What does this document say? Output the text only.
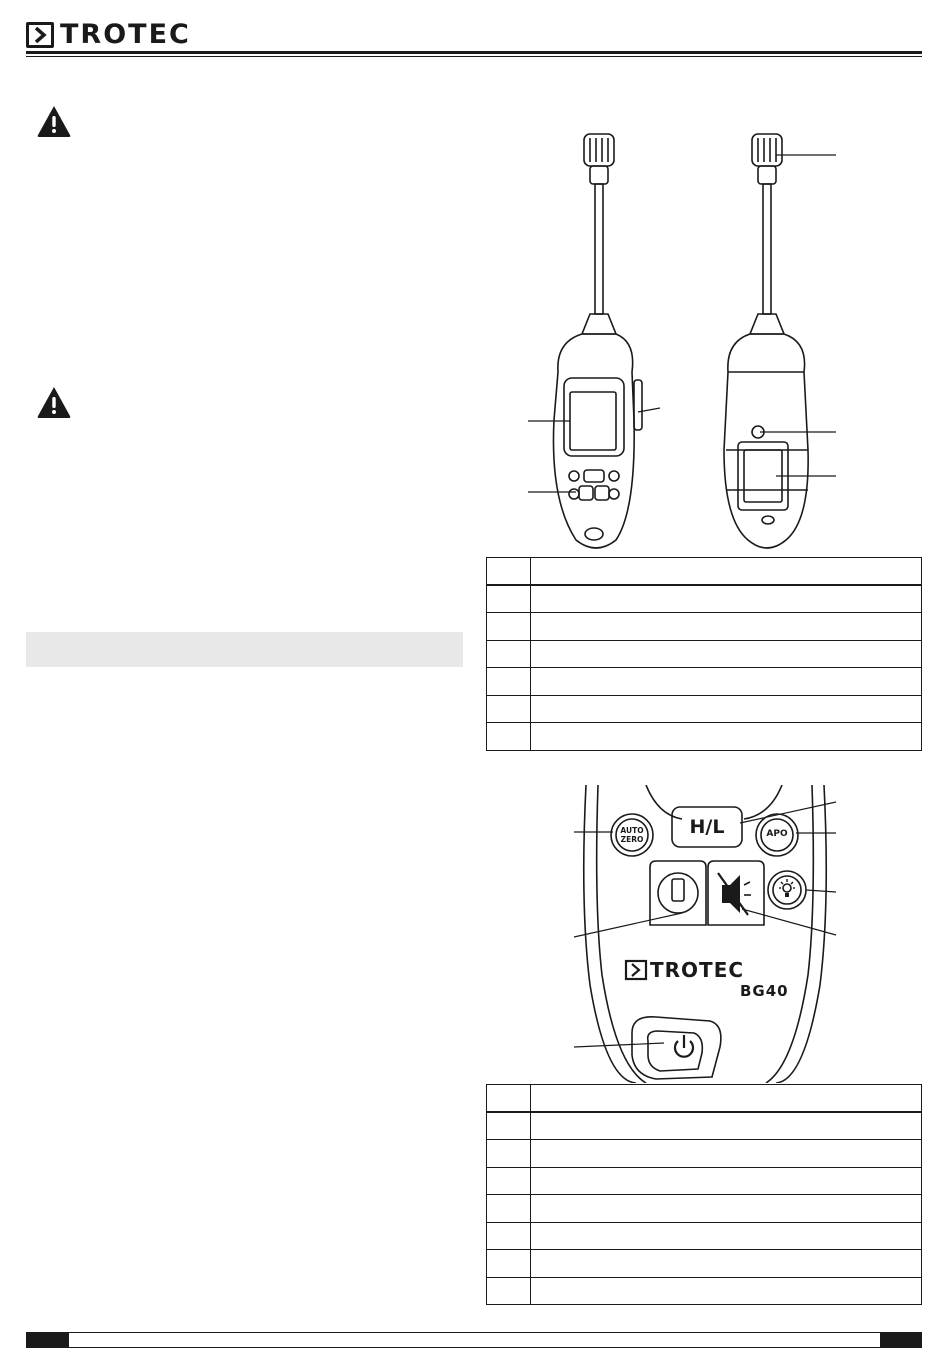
TROTEC

H/L
AUTO
ZERO
APO
TROTEC
BG40
